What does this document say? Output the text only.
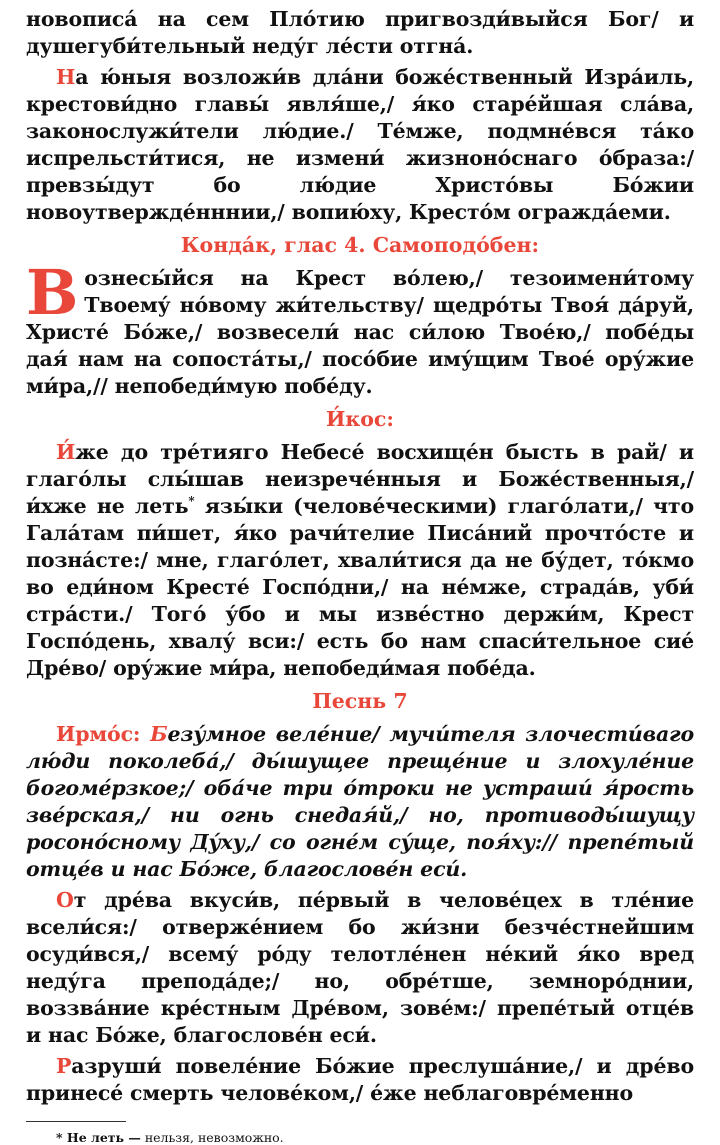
новописа́ на сем Пло́тию пригвозди́выйся Бог/ и душегуби́тельный неду́г ле́сти отгна́.

На ю́ныя возложи́в дла́ни боже́ственный Изра́иль, крестови́дно главы́ явля́ше,/ я́ко старе́йшая сла́ва, законослужи́тели лю́дие./ Те́мже, подмне́вся та́ко испрельсти́тися, не измени́ жизноно́снаго о́браза:/ превзы́дут бо лю́дие Христо́вы Бо́жии новоутвержде́нннии,/ вопию́ху, Кресто́м огражда́еми.

Конда́к, глас 4. Самоподо́бен:

Вознесы́йся на Крест во́лею,/ тезоимени́тому Твоему́ но́вому жи́тельству/ щедро́ты Твоя́ да́руй, Христе́ Бо́же,/ возвесели́ нас си́лою Твое́ю,/ побе́ды дая́ нам на сопоста́ты,/ посо́бие иму́щим Твое́ ору́жие ми́ра,// непобеди́мую побе́ду.

И́кос:

И́же до тре́тияго Небесе́ восхище́н бысть в рай/ и глаго́лы слы́шав неизрече́нныя и Боже́ственныя,/ и́хже не леть* язы́ки (челове́ческими) глаго́лати,/ что Гала́там пи́шет, я́ко рачи́телие Писа́ний прочто́сте и позна́сте:/ мне, глаго́лет, хвали́тися да не бу́дет, то́кмо во еди́ном Кресте́ Госпо́дни,/ на не́мже, страда́в, уби́ стра́сти./ Того́ у́бо и мы изве́стно держи́м, Крест Госпо́день, хвалу́ вси:/ есть бо нам спаси́тельное сие́ Дре́во/ ору́жие ми́ра, непобеди́мая побе́да.

Песнь 7

Ирмо́с: Безу́мное веле́ние/ мучи́теля злочести́ваго лю́ди поколеба́,/ ды́шущее преще́ние и злохуле́ние богоме́рзкое;/ оба́че три о́троки не устраши́ я́рость зве́рская,/ ни огнь снедая́й,/ но, противоды́шущу росоно́сному Ду́ху,/ со огне́м су́ще, поя́ху:// препе́тый отце́в и нас Бо́же, благослове́н еси́.

От дре́ва вкуси́в, пе́рвый в челове́цех в тле́ние всели́ся:/ отверже́нием бо жи́зни безче́стнейшим осуди́вся,/ всему́ ро́ду телотле́нен не́кий я́ко вред неду́га препода́де;/ но, обре́тше, земноро́днии, воззва́ние кре́стным Дре́вом, зове́м:/ препе́тый отце́в и нас Бо́же, благослове́н еси́.

Разруши́ повеле́ние Бо́жие преслуша́ние,/ и дре́во принесе́ смерть челове́ком,/ е́же неблаговре́менно

* Не леть — нельзя, невозможно.
